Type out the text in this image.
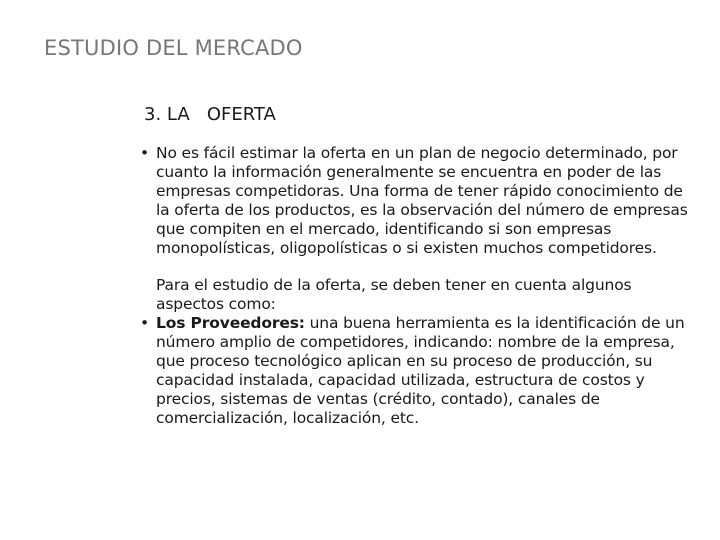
ESTUDIO DEL MERCADO
3. LA   OFERTA

• No es fácil estimar la oferta en un plan de negocio determinado, por cuanto la información generalmente se encuentra en poder de las empresas competidoras. Una forma de tener rápido conocimiento de la oferta de los productos, es la observación del número de empresas que compiten en el mercado, identificando si son empresas monopolísticas, oligopolísticas o si existen muchos competidores.

Para el estudio de la oferta, se deben tener en cuenta algunos aspectos como:

• Los Proveedores: una buena herramienta es la identificación de un número amplio de competidores, indicando: nombre de la empresa, que proceso tecnológico aplican en su proceso de producción, su capacidad instalada, capacidad utilizada, estructura de costos y precios, sistemas de ventas (crédito, contado), canales de comercialización, localización, etc.
